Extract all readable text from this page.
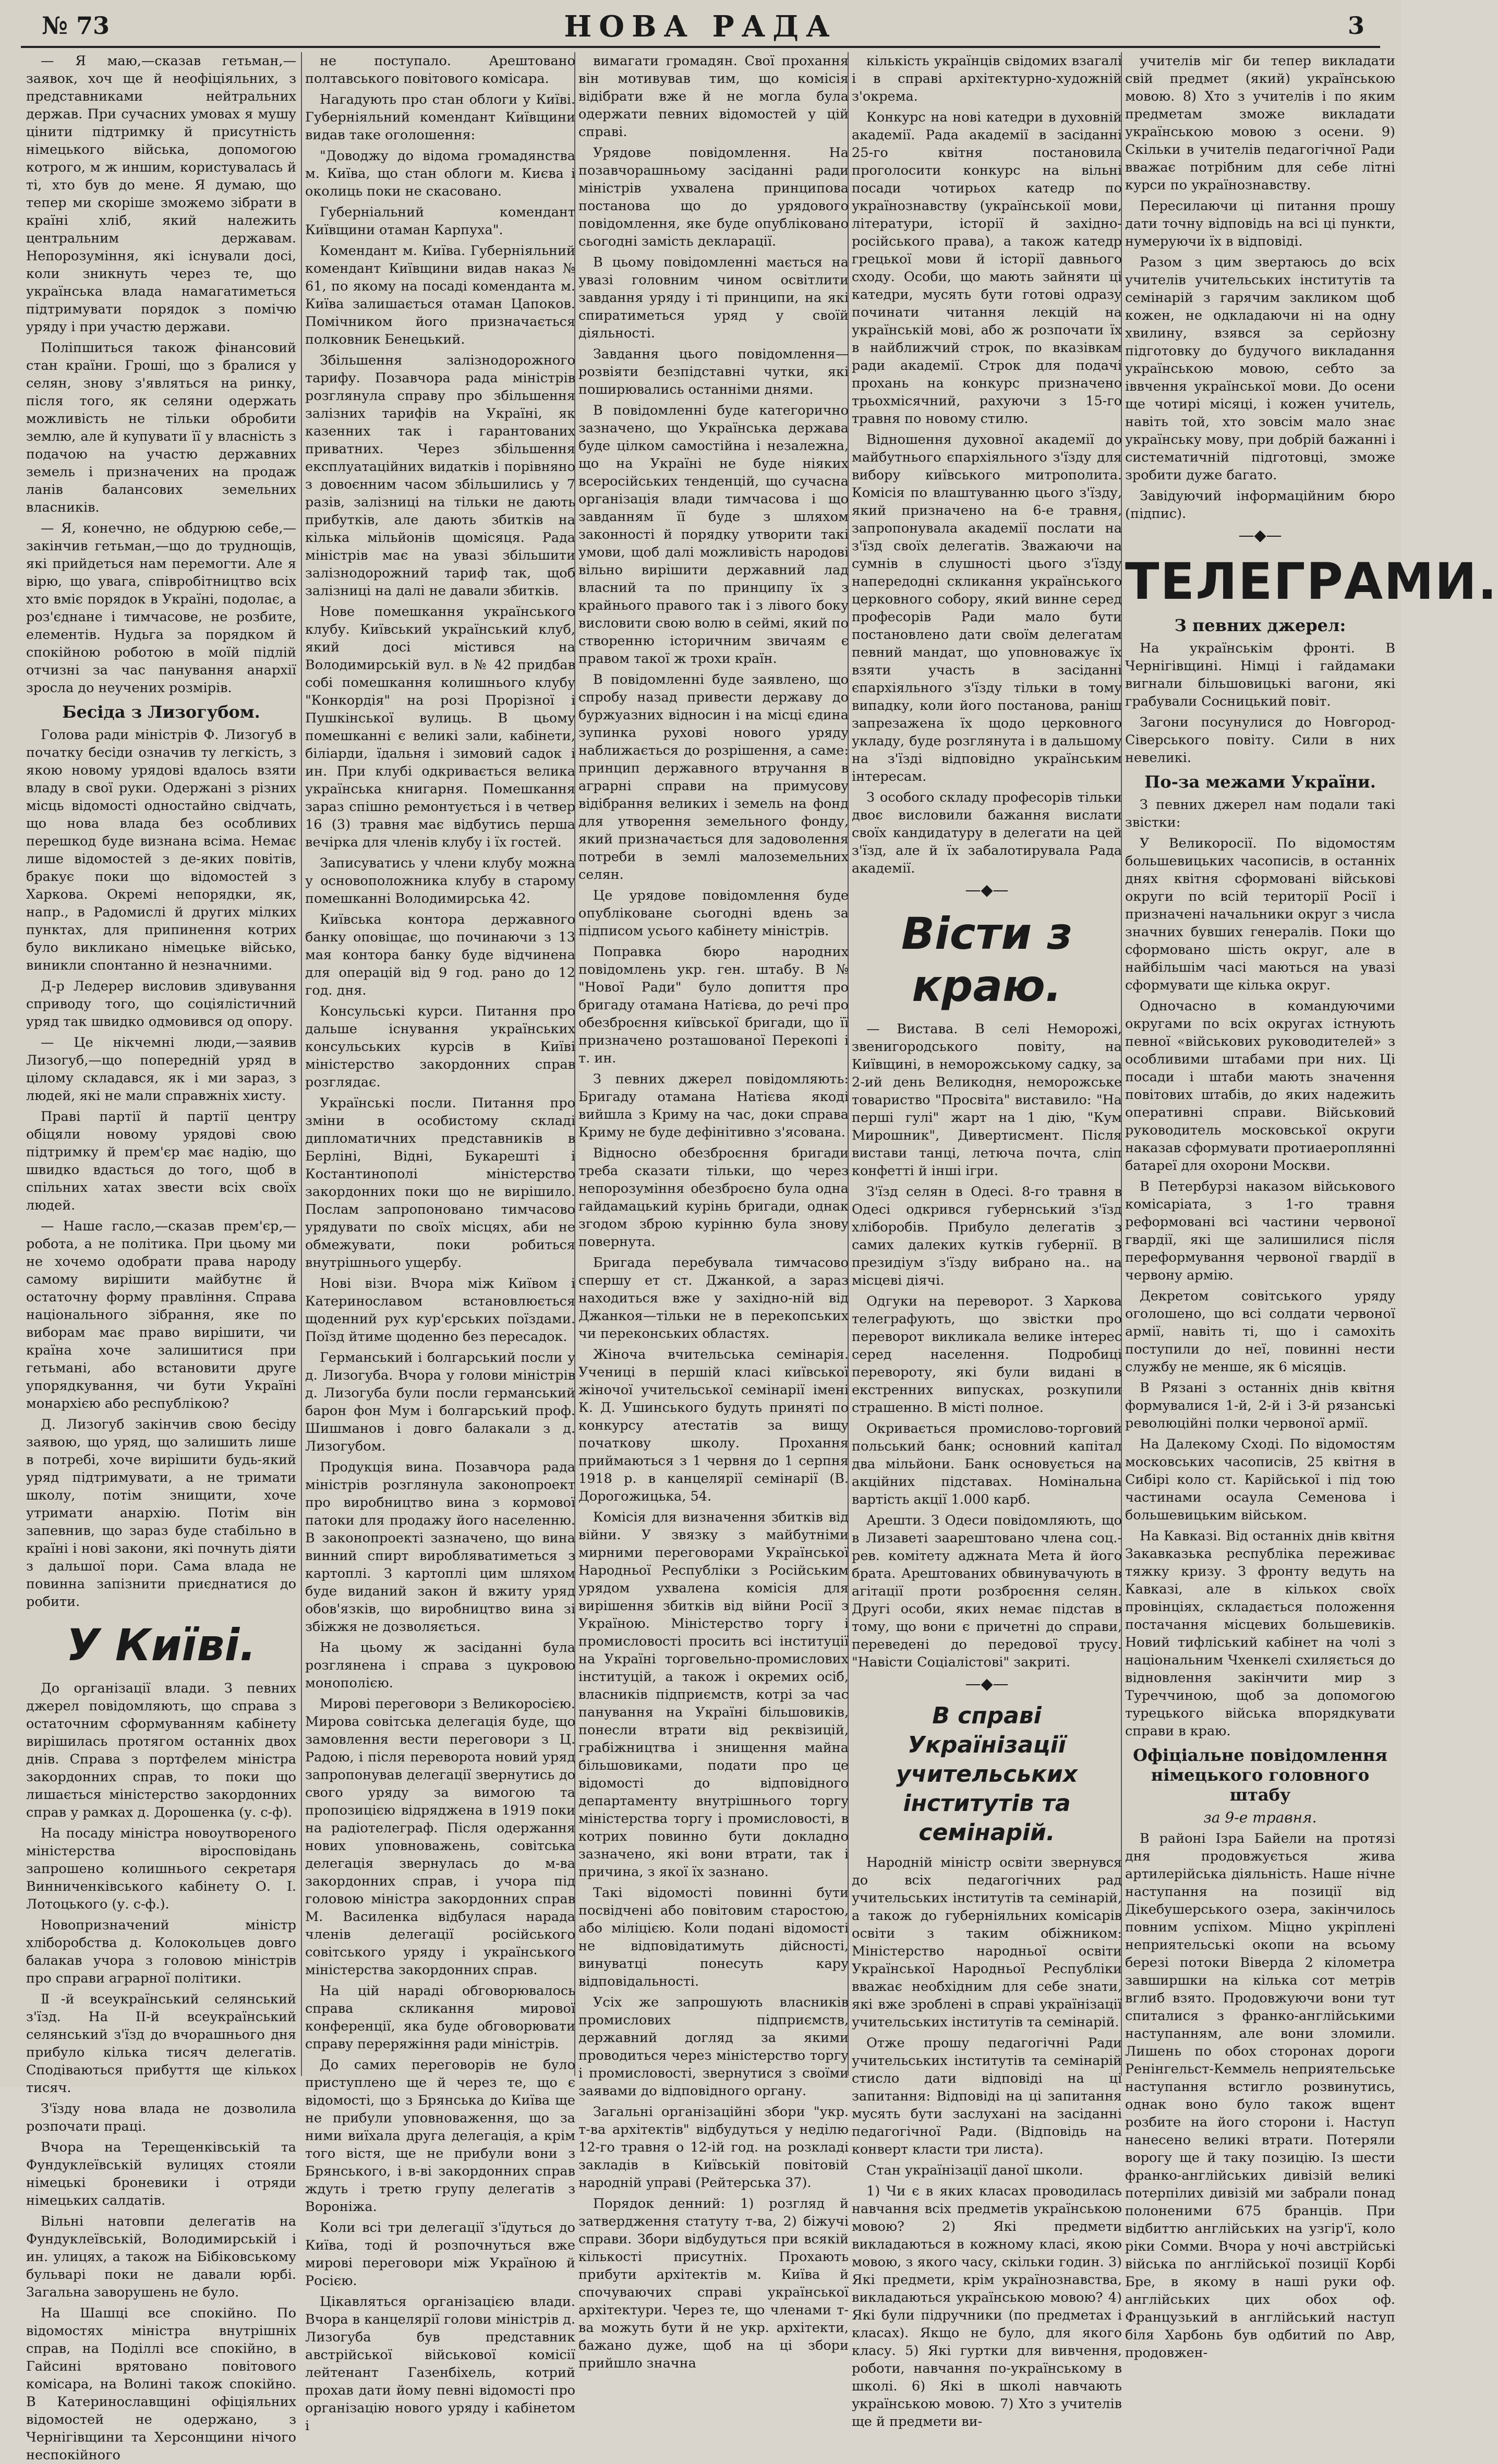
№ 73	НОВА РАДА	3

— Я маю,—сказав гетьман,—заявок, хоч ще й неофіціяльних, з представниками нейтральних держав. При сучасних умовах я мушу цінити підтримку й присутність німецького війська, допомогою котрого, м ж иншим, користувалась й ті, хто був до мене. Я думаю, що тепер ми скоріше зможемо зібрати в країні хліб, який належить центральним державам. Непорозуміння, які існували досі, коли зникнуть через те, що українська влада намагатиметься підтримувати порядок з помічю уряду і при участю держави.

Поліпшиться також фінансовий стан країни. Гроші, що з бралися у селян, знову з'являться на ринку, після того, як селяни одержать можливість не тільки обробити землю, але й купувати її у власність з подачою на участю державних земель і призначених на продаж ланів балансових земельних власників.

— Я, конечно, не обдурюю себе,— закінчив гетьман,—що до труднощів, які прийдеться нам перемогти. Але я вірю, що увага, співробітництво всіх хто вміє порядок в Україні, подолає, а роз'єднане і тимчасове, не розбите, елементів. Нудьга за порядком й спокійною роботою в моїй підлій отчизні за час панування анархії зросла до неучених розмірів.

Бесіда з Лизогубом.

Голова ради міністрів Ф. Лизогуб в початку бесіди означив ту легкість, з якою новому урядові вдалось взяти владу в свої руки. Одержані з різних місць відомості одностайно свідчать, що нова влада без особливих перешкод буде визнана всіма. Немає лише відомостей з де-яких повітів, бракує поки що відомостей з Харкова. Окремі непорядки, як, напр., в Радомислі й других мілких пунктах, для припинення котрих було викликано німецьке військо, виникли спонтанно й незначними.

Д-р Ледерер висловив здивування сприводу того, що соціялістичний уряд так швидко одмовився од опору.

— Це нікчемні люди,—заявив Лизогуб,—що попередній уряд в цілому складався, як і ми зараз, з людей, які не мали справжніх хисту.

Праві партії й партії центру обіцяли новому урядові свою підтримку й прем'єр має надію, що швидко вдасться до того, щоб в спільних хатах звести всіх своїх людей.

— Наше гасло,—сказав прем'єр,—робота, а не політика. При цьому ми не хочемо одобрати права народу самому вирішити майбутнє й остаточну форму правління. Справа національного зібрання, яке по виборам має право вирішити, чи країна хоче залишитися при гетьмані, або встановити друге упорядкування, чи бути Україні монархією або республікою?

Д. Лизогуб закінчив свою бесіду заявою, що уряд, що залишить лише в потребі, хоче вирішити будь-який уряд підтримувати, а не тримати школу, потім знищити, хоче утримати анархію. Потім він запевнив, що зараз буде стабільно в країні і нові закони, які почнуть діяти з дальшої пори. Сама влада не повинна запізнити приєднатися до робити.

У Київі.

До організації влади. З певних джерел повідомляють, що справа з остаточним сформуванням кабінету вирішилась протягом останніх двох днів. Справа з портфелем міністра закордонних справ, то поки що лишається міністерство закордонних справ у рамках д. Дорошенка (у. с-ф).

На посаду міністра новоутвореного міністерства віросповідань запрошено колишнього секретаря Винниченківського кабінету О. І. Лотоцького (у. с-ф.).

Новопризначений міністр хліборобства д. Колокольцев довго балакав учора з головою міністрів про справи аграрної політики.

Ⅱ-й всеукраїнський селянський з'їзд. На ІІ-й всеукраїнський селянський з'їзд до вчорашнього дня прибуло кілька тисяч делегатів. Сподіваються прибуття ще кількох тисяч.

З'їзду нова влада не дозволила розпочати праці.

Вчора на Терещенківській та Фундуклеївській вулицях стояли німецькі броневики і отряди німецьких салдатів.

Вільні натовпи делегатів на Фундуклеївській, Володимирській і ин. улицях, а також на Бібіковському бульварі поки не давали юрбі. Загальна заворушень не було.

На Шашці все спокійно. По відомостях міністра внутрішніх справ, на Поділлі все спокійно, в Гайсині врятовано повітового комісара, на Волині також спокійно. В Катеринославщині офіціяльних відомостей не одержано, з Чернігівщини та Херсонщини нічого неспокійного

не поступало. Арештовано полтавського повітового комісара.

Нагадують про стан облоги у Київі. Губерніяльний комендант Київщини видав таке оголошення:

"Доводжу до відома громадянства м. Київа, що стан облоги м. Києва і околиць поки не скасовано.

Губерніальний комендант Київщини отаман Карпуха".

Комендант м. Київа. Губерніяльний комендант Київщини видав наказ № 61, по якому на посаді коменданта м. Київа залишається отаман Цапоков. Помічником його призначається полковник Бенецький.

Збільшення залізнодорожного тарифу. Позавчора рада міністрів розглянула справу про збільшення залізних тарифів на Україні, як казенних так і гарантованих приватних. Через збільшення експлуатаційних видатків і порівняно з довоєнним часом збільшились у 7 разів, залізниці на тільки не дають прибутків, але дають збитків на кілька мільйонів щомісяця. Рада міністрів має на увазі збільшити залізнодорожний тариф так, щоб залізниці на далі не давали збитків.

Нове помешкання українського клубу. Київський український клуб, який досі містився на Володимирській вул. в № 42 придбав собі помешкання колишнього клубу "Конкордія" на розі Прорізної і Пушкінської вулиць. В цьому помешканні є великі зали, кабінети, біліарди, їдальня і зимовий садок і ин. При клубі одкривається велика українська книгарня. Помешкання зараз спішно ремонтується і в четвер 16 (3) травня має відбутись перша вечірка для членів клубу і їх гостей.

Записуватись у члени клубу можна у основоположника клубу в старому помешканні Володимирська 42.

Київська контора державного банку оповіщає, що починаючи з 13 мая контора банку буде відчинена для операцій від 9 год. рано до 12 год. дня.

Консульські курси. Питання про дальше існування українських консульських курсів в Київі міністерство закордонних справ розглядає.

Українські посли. Питання про зміни в особистому складі дипломатичних представників в Берліні, Відні, Букарешті і Костантинополі міністерство закордонних поки що не вирішило. Послам запропоновано тимчасово урядувати по своїх місцях, аби не обмежувати, поки робиться внутрішнього ущербу.

Нові візи. Вчора між Київом і Катеринославом встановлюється щоденний рух кур'єрських поїздами. Поїзд йтиме щоденно без пересадок.

Германський і болгарський посли у д. Лизогуба. Вчора у голови міністрів д. Лизогуба були посли германський барон фон Мум і болгарський проф. Шишманов і довго балакали з д. Лизогубом.

Продукція вина. Позавчора рада міністрів розглянула законопроект про виробництво вина з кормової патоки для продажу його населенню. В законопроекті зазначено, що вина винний спирт виробляватиметься з картоплі. З картоплі цим шляхом буде виданий закон й вжиту уряд обов'язків, що виробництво вина зі збіжжя не дозволяється.

На цьому ж засіданні була розглянена і справа з цукровою монополією.

Мирові переговори з Великоросією. Мирова совітська делегація буде, що замовлення вести переговори з Ц. Радою, і після переворота новий уряд запропонував делегації звернутись до свого уряду за вимогою та пропозицією відряджена в 1919 поки на радіотелеграф. Після одержання нових уповноважень, совітська делегація звернулась до м-ва закордонних справ, і учора під головою міністра закордонних справ М. Василенка відбулася нарада членів делегації російського совітського уряду і українського міністерства закордонних справ.

На цій нараді обговорювалось справа скликання мирової конференції, яка буде обговорювати справу переряжіння ради міністрів.

До самих переговорів не було приступлено ще й через те, що є відомості, що з Брянська до Київа ще не прибули уповноваження, що за ними виїхала друга делегація, а крім того вістя, ще не прибули вони з Брянського, і в-ві закордонних справ ждуть і третю групу делегатів з Вороніжа.

Коли всі три делегації з'їдуться до Київа, тоді й розпочнуться вже мирові переговори між Україною й Росією.

Цікавляться організацією влади. Вчора в канцелярії голови міністрів д. Лизогуба був представник австрійської військової комісії лейтенант Газенбіхель, котрий прохав дати йому певні відомості про організацію нового уряду і кабінетом і

вимагати громадян. Свої прохання він мотивував тим, що комісія відібрати вже й не могла була одержати певних відомостей у цій справі.

Урядове повідомлення. На позавчорашньому засіданні ради міністрів ухвалена принципова постанова що до урядового повідомлення, яке буде опубліковано сьогодні замість декларації.

В цьому повідомленні мається на увазі головним чином освітлити завдання уряду і ті принципи, на які спиратиметься уряд у своїй діяльності.

Завдання цього повідомлення— розвіяти безпідставні чутки, які поширювались останніми днями.

В повідомленні буде категорично зазначено, що Українська держава буде цілком самостійна і незалежна, що на Україні не буде ніяких всеросійських тенденцій, що сучасна організація влади тимчасова і що завданням її буде з шляхом законності й порядку утворити такі умови, щоб далі можливість народові вільно вирішити державний лад власний та по принципу їх з крайнього правого так і з лівого боку висловити свою волю в сеймі, який по створенню історичним звичаям є правом такої ж трохи країн.

В повідомленні буде заявлено, що спробу назад привести державу до буржуазних відносин і на місці єдина зупинка рухові нового уряду наближається до розрішення, а саме: принцип державного втручання в аграрні справи на примусову відібрання великих і земель на фонд для утворення земельного фонду, який призначається для задоволення потреби в землі малоземельних селян.

Це урядове повідомлення буде опубліковане сьогодні вдень за підписом усього кабінету міністрів.

Поправка бюро народних повідомлень укр. ген. штабу. В № "Нової Ради" було допиття про бригаду отамана Натієва, до речі про обезброєння київської бригади, що її призначено розташованої Перекопі і т. ин.

З певних джерел повідомляють: Бригаду отамана Натієва якоді вийшла з Криму на час, доки справа Криму не буде дефінітивно з'ясована.

Відносно обезброєння бригади треба сказати тільки, що через непорозуміння обезброєно була одна гайдамацький курінь бригади, однак згодом зброю курінню була знову повернута.

Бригада перебувала тимчасово спершу ет ст. Джанкой, а зараз находиться вже у західно-ній від Джанкоя—тільки не в перекопських чи переконських областях.

Жіноча вчительська семінарія. Учениці в першій класі київської жіночої учительської семінарії імені К. Д. Ушинського будуть приняті по конкурсу атестатів за вищу початкову школу. Прохання приймаються з 1 червня до 1 серпня 1918 р. в канцелярії семінарії (В. Дорогожицька, 54.

Комісія для визначення збитків від війни. У звязку з майбутніми мирними переговорами Української Народньої Республіки з Російським урядом ухвалена комісія для вирішення збитків від війни Росії з Україною. Міністерство торгу і промисловості просить всі інституції на Україні торговельно-промислових інституцій, а також і окремих осіб, власників підприємств, котрі за час панування на Україні більшовиків, понесли втрати від реквізицій, грабіжництва і знищення майна більшовиками, подати про це відомості до відповідного департаменту внутрішнього торгу міністерства торгу і промисловості, в котрих повинно бути докладно зазначено, які вони втрати, так і причина, з якої їх зазнано.

Такі відомості повинні бути посвідчені або повітовим старостою, або міліцією. Коли подані відомості не відповідатимуть дійсності, винуватці понесуть кару відповідальності.

Усіх же запрошують власників промислових підприємств, державний догляд за якими проводиться через міністерство торгу і промисловості, звернутися з своїми заявами до відповідного органу.

Загальні організаційні збори "укр. т-ва архітектів" відбудуться у неділю 12-го травня о 12-ій год. на розкладі закладів в Київській повітовій народній управі (Рейтерська 37).

Порядок денний: 1) розгляд й затвердження статуту т-ва, 2) біжучі справи. Збори відбудуться при всякій кількості присутніх. Прохають прибути архітектів м. Київа й спочуваючих справі української архітектури. Через те, що членами т-ва можуть бути й не укр. архітекти, бажано дуже, щоб на ці збори прийшло значна

кількість українців свідомих взагалі і в справі архітектурно-художній з'окрема.

Конкурс на нові катедри в духовній академії. Рада академії в засіданні 25-го квітня постановила проголосити конкурс на вільні посади чотирьох катедр по українознавству (українськоії мови, літератури, історії й західно-російського права), а також катедр грецької мови й історії давнього сходу. Особи, що мають зайняти ці катедри, мусять бути готові одразу починати читання лекцій на українській мові, або ж розпочати їх в найближчий строк, по вказівкам ради академії. Строк для подачі прохань на конкурс призначено трьохмісячний, рахуючи з 15-го травня по новому стилю.

Відношення духовної академії до майбутнього єпархіяльного з'їзду для вибору київського митрополита. Комісія по влаштуванню цього з'їзду, який призначено на 6-е травня, запропонувала академії послати на з'їзд своїх делегатів. Зважаючи на сумнів в слушності цього з'їзду напередодні скликання українського церковного собору, який винне серед професорів Ради мало бути постановлено дати своїм делегатам певний мандат, що уповноважує їх взяти участь в засіданні єпархіяльного з'їзду тільки в тому випадку, коли його постанова, раніш запрезажена їх щодо церковного укладу, буде розглянута і в дальшому на з'їзді відповідно українським інтересам.

З особого складу професорів тільки двоє висловили бажання вислати своїх кандидатуру в делегати на цей з'їзд, але й їх забалотирувала Рада академії.

—◆—
Вісти з краю.

— Вистава. В селі Неморожі, звенигородського повіту, на Київщині, в неморожському садку, за 2-ий день Великодня, неморожське товариство "Просвіта" виставило: "На перші гулі" жарт на 1 дію, "Кум Мирошник", Дивертисмент. Після вистави танці, летюча почта, сліп конфетті й інші ігри.

З'їзд селян в Одесі. 8-го травня в Одесі одкрився губернський з'їзд хліборобів. Прибуло делегатів з самих далеких кутків губернії. В президіум з'їзду вибрано на.. на місцеві діячі.

Одгуки на переворот. З Харкова телеграфують, що звістки про переворот викликала велике інтерес серед населення. Подробиці перевороту, які були видані в екстренних випусках, розкупили страшенно. В місті полное.

Окривається промислово-торговий польський банк; основний капітал два мільйони. Банк основується на акційних підставах. Номінальна вартість акції 1.000 карб.

Арешти. З Одеси повідомляють, що в Лизаветі заарештовано члена соц.-рев. комітету аджната Мета й його брата. Арештованих обвинувачують в агітації проти розброєння селян. Другі особи, яких немає підстав в тому, що вони є причетні до справи, переведені до передової трусу. "Навісти Соціалістові" закриті.

—◆—
В справі Українізації учительських інститутів та семінарій.

Народній міністр освіти звернувся до всіх педагогічних рад учительських інститутів та семінарій, а також до губерніяльних комісарів освіти з таким обіжником: Міністерство народньої освіти Української Народньої Республіки вважає необхідним для себе знати, які вже зроблені в справі українізації учительських інститутів та семінарій.

Отже прошу педагогічні Ради учительських інститутів та семінарій стисло дати відповіді на ці запитання: Відповіді на ці запитання мусять бути заслухані на засіданні педагогічної Ради. (Відповідь на конверт класти три листа).

Стан українізації даної школи.

1) Чи є в яких класах проводилась навчання всіх предметів українською мовою? 2) Які предмети викладаються в кожному класі, якою мовою, з якого часу, скільки годин. 3) Які предмети, крім українознавства, викладаються українською мовою? 4) Які були підручники (по предметах і класах). Якщо не було, для якого класу. 5) Які гуртки для вивчення, роботи, навчання по-українському в школі. 6) Які в школі навчають українською мовою. 7) Хто з учителів ще й предмети ви-

учителів міг би тепер викладати свій предмет (який) українською мовою. 8) Хто з учителів і по яким предметам зможе викладати українською мовою з осени. 9) Скільки в учителів педагогічної Ради вважає потрібним для себе літні курси по українознавству.

Пересилаючи ці питання прошу дати точну відповідь на всі ці пункти, нумеруючи їх в відповіді.

Разом з цим звертаюсь до всіх учителів учительських інститутів та семінарій з гарячим закликом щоб кожен, не одкладаючи ні на одну хвилину, взявся за серйозну підготовку до будучого викладання українською мовою, себто за іввчення української мови. До осени ще чотирі місяці, і кожен учитель, навіть той, хто зовсім мало знає українську мову, при добрій бажанні і систематичній підготовці, зможе зробити дуже багато.

Завідуючий інформаційним бюро (підпис).

—◆—
ТЕЛЕГРАМИ.
З певних джерел:

На українськім фронті. В Чернігівщині. Німці і гайдамаки вигнали більшовицькі вагони, які грабували Сосницький повіт.

Загони посунулися до Новгород-Сіверського повіту. Сили в них невеликі.

По-за межами України.

З певних джерел нам подали такі звістки:

У Великоросії. По відомостям большевицьких часописів, в останніх днях квітня сформовані військові округи по всій території Росії і призначені начальники округ з числа значних бувших генералів. Поки що сформовано шість округ, але в найбільшім часі маються на увазі сформувати ще кілька округ.

Одночасно в командуючими округами по всіх округах істнують певної «військових руководителей» з особливими штабами при них. Ці посади і штаби мають значення повітових штабів, до яких надежить оперативні справи. Військовий руководитель московської округи наказав сформувати протиаероплянні батареї для охорони Москви.

В Петербурзі наказом військового комісаріата, з 1-го травня реформовані всі частини червоної гвардії, які ще залишилися після переформування червоної гвардії в червону армію.

Декретом совітського уряду оголошено, що всі солдати червоної армії, навіть ті, що і самохіть поступили до неї, повинні нести службу не менше, як 6 місяців.

В Рязані з останніх днів квітня формувалися 1-й, 2-й і 3-й рязанські революційні полки червоної армії.

На Далекому Сході. По відомостям московських часописів, 25 квітня в Сибірі коло ст. Карійської і під тою частинами осаула Семенова і большевицьким військом.

На Кавказі. Від останніх днів квітня Закавказька республіка переживає тяжку кризу. З фронту ведуть на Кавказі, але в кількох своїх провінціях, складається положення постачання місцевих большевиків. Новий тифліський кабінет на чолі з національним Чхенкелі схиляється до відновлення закінчити мир з Туреччиною, щоб за допомогою турецького війська впорядкувати справи в краю.

Офіціальне повідомлення німецького головного штабу
за 9-е травня.

В районі Ізра Байели на протязі дня продовжується жива артилерійська діяльність. Наше нічне наступання на позиції від Дікебушерського озера, закінчилось повним успіхом. Міцно укріплені неприятельські окопи на всьому березі потоки Віверда 2 кілометра завширшки на кілька сот метрів вглиб взято. Продовжуючи вони тут спиталися з франко-англійськими наступанням, але вони зломили. Лишень по обох сторонах дороги Ренінгельст-Кеммель неприятельське наступання встигло розвинутись, однак воно було також вщент розбите на його сторони і. Наступ нанесено великі втрати. Потеряли ворогу ще й таку позицію. Із шести франко-англійських дивізій великі потерпілих дивізій ми забрали понад полоненими 675 бранців. При відбиттю англійських на узгір'ї, коло ріки Сомми. Вчора у ночі австрійські війська по англійської позиції Корбі Бре, в якому в наші руки оф. англійських цих обох оф. Французький в англійський наступ біля Харбонь був одбитий по Авр, продовжен-
